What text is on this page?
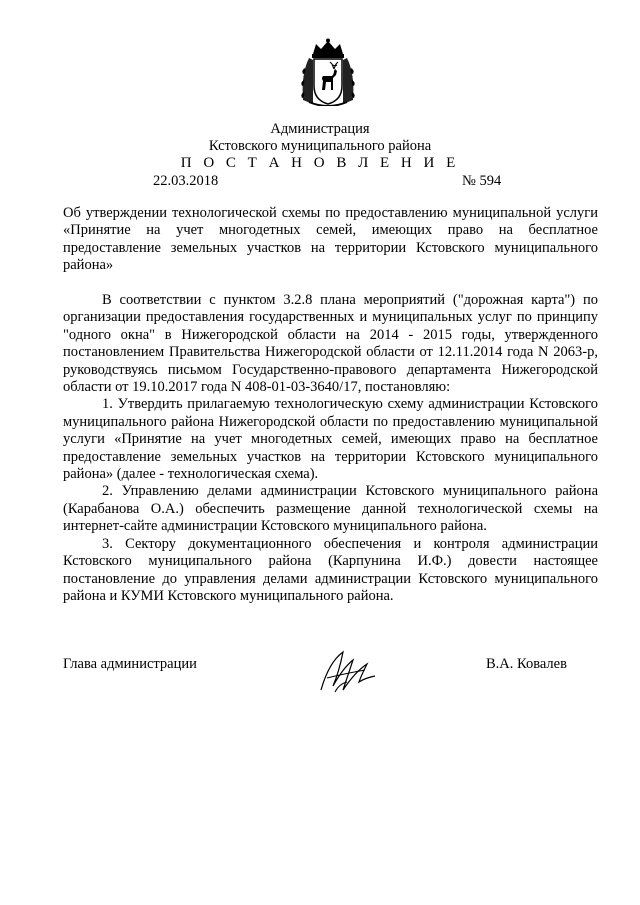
Администрация
Кстовского муниципального района
П О С Т А Н О В Л Е Н И Е
22.03.2018	№ 594
Об утверждении технологической схемы по предоставлению муниципальной услуги «Принятие на учет многодетных семей, имеющих право на бесплатное предоставление земельных участков на территории Кстовского муниципального района»

В соответствии с пунктом 3.2.8 плана мероприятий ("дорожная карта") по организации предоставления государственных и муниципальных услуг по принципу "одного окна" в Нижегородской области на 2014 - 2015 годы, утвержденного постановлением Правительства Нижегородской области от 12.11.2014 года N 2063-р, руководствуясь письмом Государственно-правового департамента Нижегородской области от 19.10.2017 года N 408-01-03-3640/17, постановляю:

1. Утвердить прилагаемую технологическую схему администрации Кстовского муниципального района Нижегородской области по предоставлению муниципальной услуги «Принятие на учет многодетных семей, имеющих право на бесплатное предоставление земельных участков на территории Кстовского муниципального района» (далее - технологическая схема).

2. Управлению делами администрации Кстовского муниципального района (Карабанова О.А.) обеспечить размещение данной технологической схемы на интернет-сайте администрации Кстовского муниципального района.

3. Сектору документационного обеспечения и контроля администрации Кстовского муниципального района (Карпунина И.Ф.) довести настоящее постановление до управления делами администрации Кстовского муниципального района и КУМИ Кстовского муниципального района.

Глава администрации	В.А. Ковалев
